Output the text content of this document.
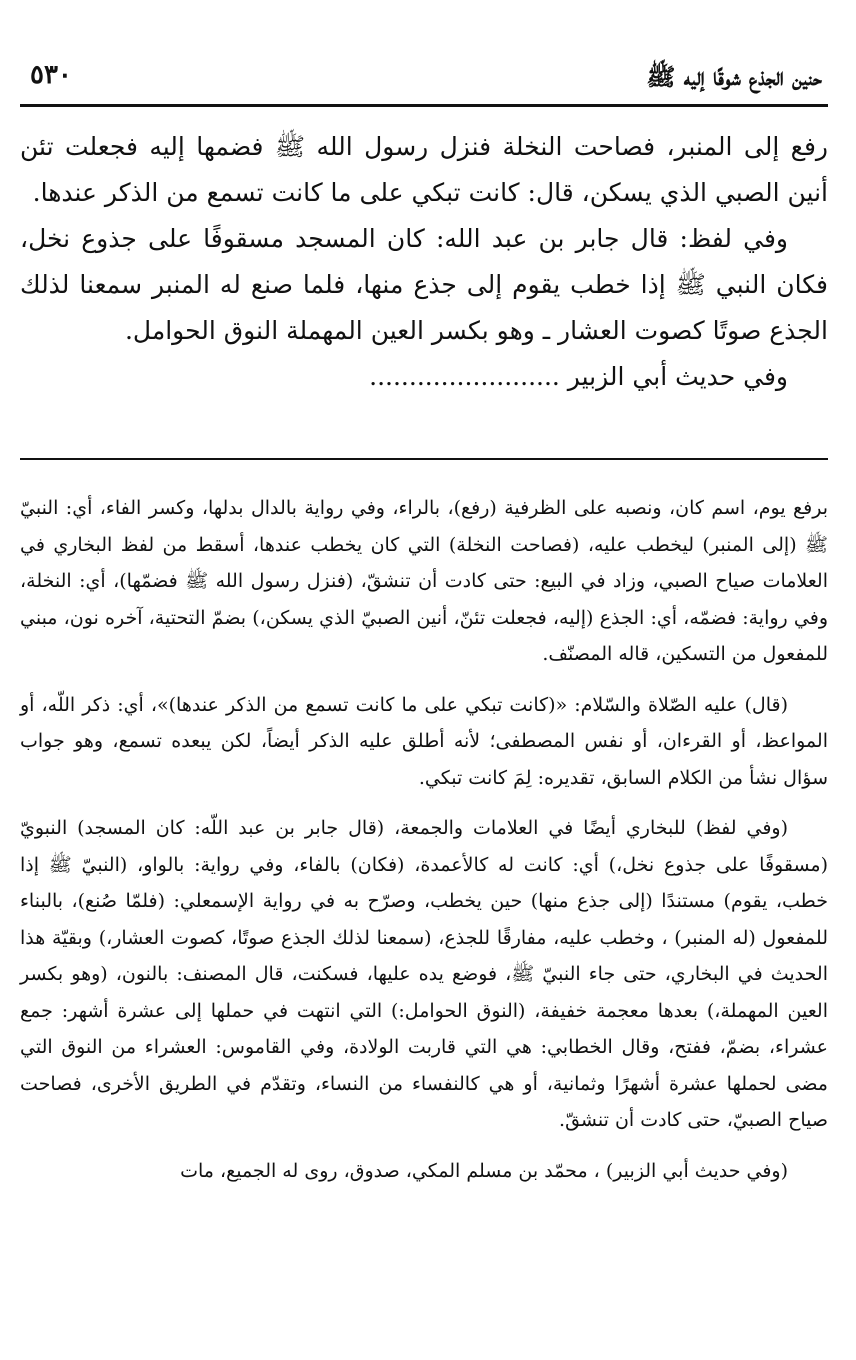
٥٣٠	حنين الجذع شوقًا إليه ﷺ

رفع إلى المنبر، فصاحت النخلة فنزل رسول الله ﷺ فضمها إليه فجعلت تئن أنين الصبي الذي يسكن، قال: كانت تبكي على ما كانت تسمع من الذكر عندها.

وفي لفظ: قال جابر بن عبد الله: كان المسجد مسقوفًا على جذوع نخل، فكان النبي ﷺ إذا خطب يقوم إلى جذع منها، فلما صنع له المنبر سمعنا لذلك الجذع صوتًا كصوت العشار ـ وهو بكسر العين المهملة النوق الحوامل.

وفي حديث أبي الزبير ........................

برفع يوم، اسم كان، ونصبه على الظرفية (رفع)، بالراء، وفي رواية بالدال بدلها، وكسر الفاء، أي: النبيّ ﷺ (إلى المنبر) ليخطب عليه، (فصاحت النخلة) التي كان يخطب عندها، أسقط من لفظ البخاري في العلامات صياح الصبي، وزاد في البيع: حتى كادت أن تنشقّ، (فنزل رسول الله ﷺ فضمّها)، أي: النخلة، وفي رواية: فضمّه، أي: الجذع (إليه، فجعلت تئنّ، أنين الصبيّ الذي يسكن،) بضمّ التحتية، آخره نون، مبني للمفعول من التسكين، قاله المصنّف.

(قال) عليه الصّلاة والسّلام: «(كانت تبكي على ما كانت تسمع من الذكر عندها)»، أي: ذكر اللّه، أو المواعظ، أو القرءان، أو نفس المصطفى؛ لأنه أطلق عليه الذكر أيضاً، لكن يبعده تسمع، وهو جواب سؤال نشأ من الكلام السابق، تقديره: لِمَ كانت تبكي.

(وفي لفظ) للبخاري أيضًا في العلامات والجمعة، (قال جابر بن عبد اللّه: كان المسجد) النبويّ (مسقوفًا على جذوع نخل،) أي: كانت له كالأعمدة، (فكان) بالفاء، وفي رواية: بالواو، (النبيّ ﷺ إذا خطب، يقوم) مستندًا (إلى جذع منها) حين يخطب، وصرّح به في رواية الإسمعلي: (فلمّا صُنع)، بالبناء للمفعول (له المنبر) ، وخطب عليه، مفارقًا للجذع، (سمعنا لذلك الجذع صوتًا، كصوت العشار،) وبقيّة هذا الحديث في البخاري، حتى جاء النبيّ ﷺ، فوضع يده عليها، فسكنت، قال المصنف: بالنون، (وهو بكسر العين المهملة،) بعدها معجمة خفيفة، (النوق الحوامل:) التي انتهت في حملها إلى عشرة أشهر: جمع عشراء، بضمّ، ففتح، وقال الخطابي: هي التي قاربت الولادة، وفي القاموس: العشراء من النوق التي مضى لحملها عشرة أشهرًا وثمانية، أو هي كالنفساء من النساء، وتقدّم في الطريق الأخرى، فصاحت صياح الصبيّ، حتى كادت أن تنشقّ.

(وفي حديث أبي الزبير) ، محمّد بن مسلم المكي، صدوق، روى له الجميع، مات
